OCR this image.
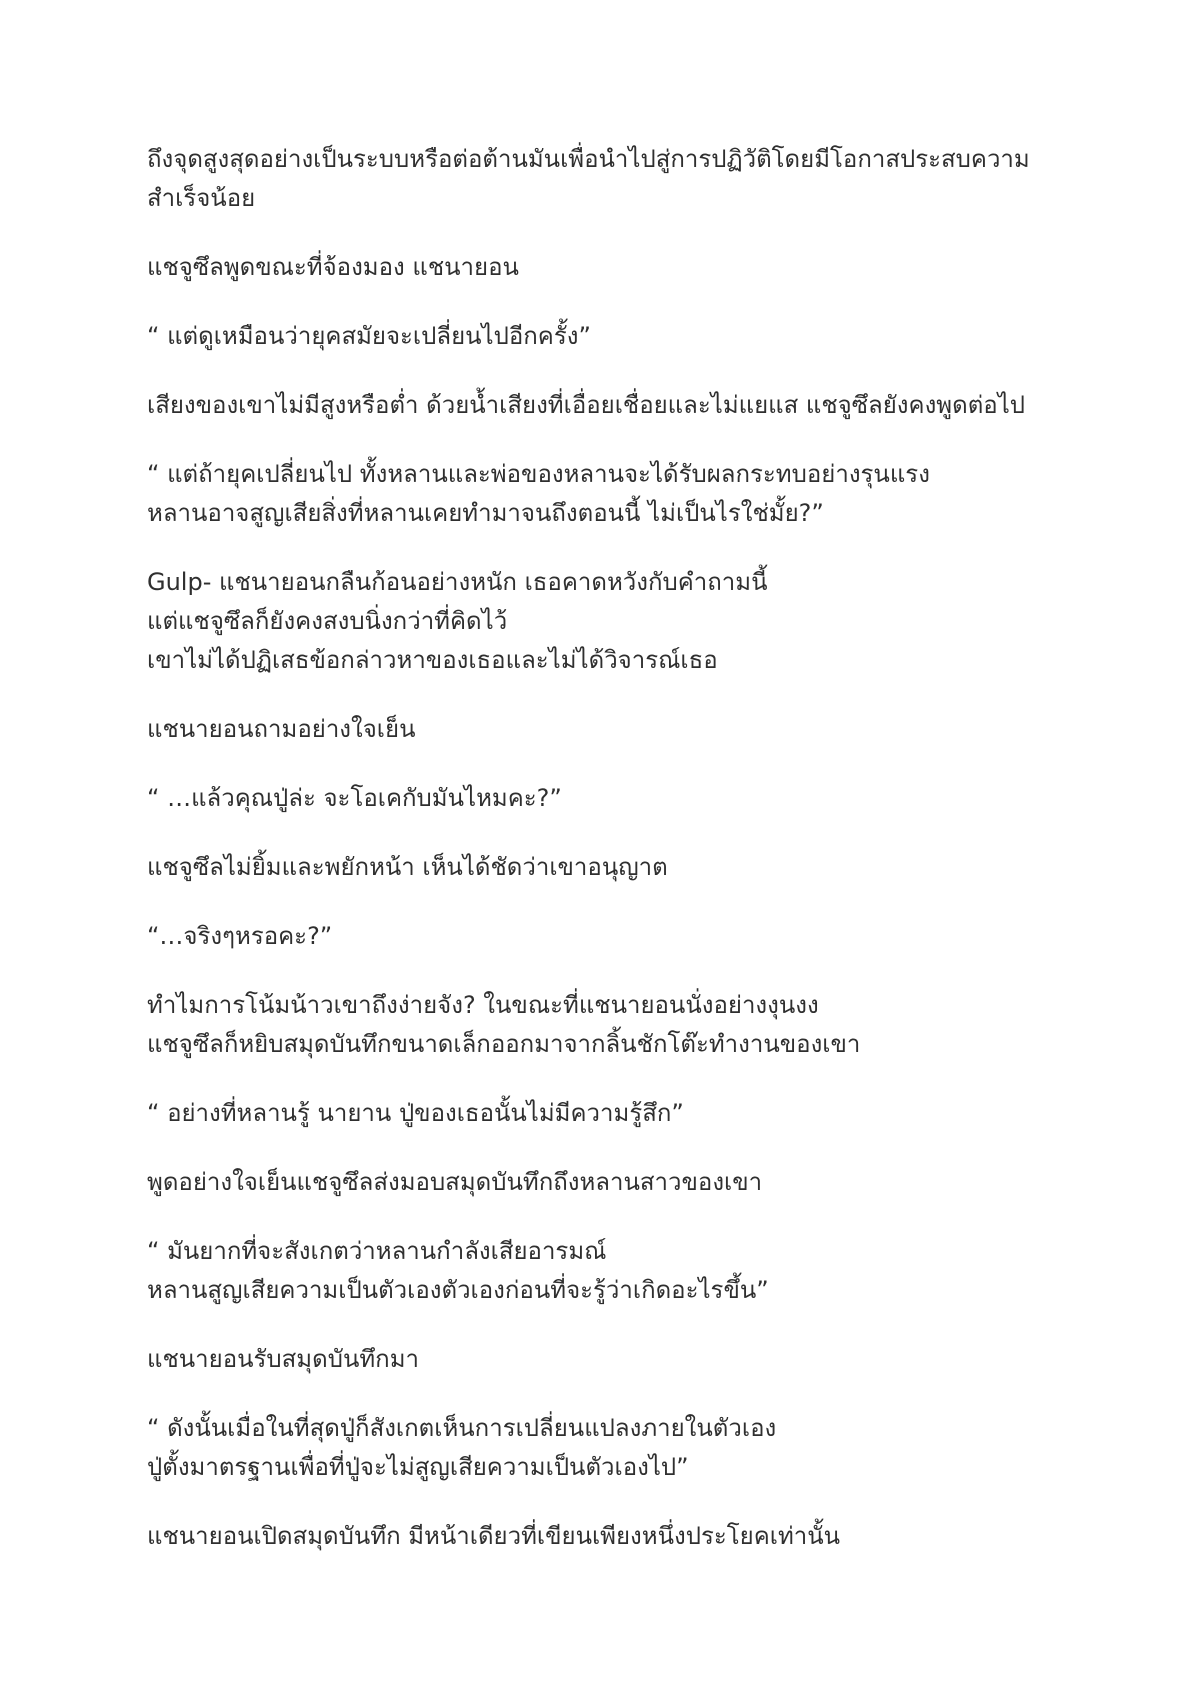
ถึงจุดสูงสุดอย่างเป็นระบบหรือต่อต้านมันเพื่อนำไปสู่การปฏิวัติโดยมีโอกาสประสบความ
สำเร็จน้อย

แชจูซึลพูดขณะที่จ้องมอง แชนายอน

“ แต่ดูเหมือนว่ายุคสมัยจะเปลี่ยนไปอีกครั้ง”

เสียงของเขาไม่มีสูงหรือต่ำ ด้วยน้ำเสียงที่เอื่อยเชื่อยและไม่แยแส แชจูซึลยังคงพูดต่อไป

“ แต่ถ้ายุคเปลี่ยนไป ทั้งหลานและพ่อของหลานจะได้รับผลกระทบอย่างรุนแรง
หลานอาจสูญเสียสิ่งที่หลานเคยทำมาจนถึงตอนนี้ ไม่เป็นไรใช่มั้ย?”

Gulp- แชนายอนกลืนก้อนอย่างหนัก เธอคาดหวังกับคำถามนี้
แต่แชจูซึลก็ยังคงสงบนิ่งกว่าที่คิดไว้
เขาไม่ได้ปฏิเสธข้อกล่าวหาของเธอและไม่ได้วิจารณ์เธอ

แชนายอนถามอย่างใจเย็น

“ …แล้วคุณปู่ล่ะ จะโอเคกับมันไหมคะ?”

แชจูซึลไม่ยิ้มและพยักหน้า เห็นได้ชัดว่าเขาอนุญาต

“…จริงๆหรอคะ?”

ทำไมการโน้มน้าวเขาถึงง่ายจัง? ในขณะที่แชนายอนนั่งอย่างงุนงง
แชจูซึลก็หยิบสมุดบันทึกขนาดเล็กออกมาจากลิ้นชักโต๊ะทำงานของเขา

“ อย่างที่หลานรู้ นายาน ปู่ของเธอนั้นไม่มีความรู้สึก”

พูดอย่างใจเย็นแชจูซึลส่งมอบสมุดบันทึกถึงหลานสาวของเขา

“ มันยากที่จะสังเกตว่าหลานกำลังเสียอารมณ์
หลานสูญเสียความเป็นตัวเองตัวเองก่อนที่จะรู้ว่าเกิดอะไรขึ้น”

แชนายอนรับสมุดบันทึกมา

“ ดังนั้นเมื่อในที่สุดปู่ก็สังเกตเห็นการเปลี่ยนแปลงภายในตัวเอง
ปู่ตั้งมาตรฐานเพื่อที่ปู่จะไม่สูญเสียความเป็นตัวเองไป”

แชนายอนเปิดสมุดบันทึก มีหน้าเดียวที่เขียนเพียงหนึ่งประโยคเท่านั้น
